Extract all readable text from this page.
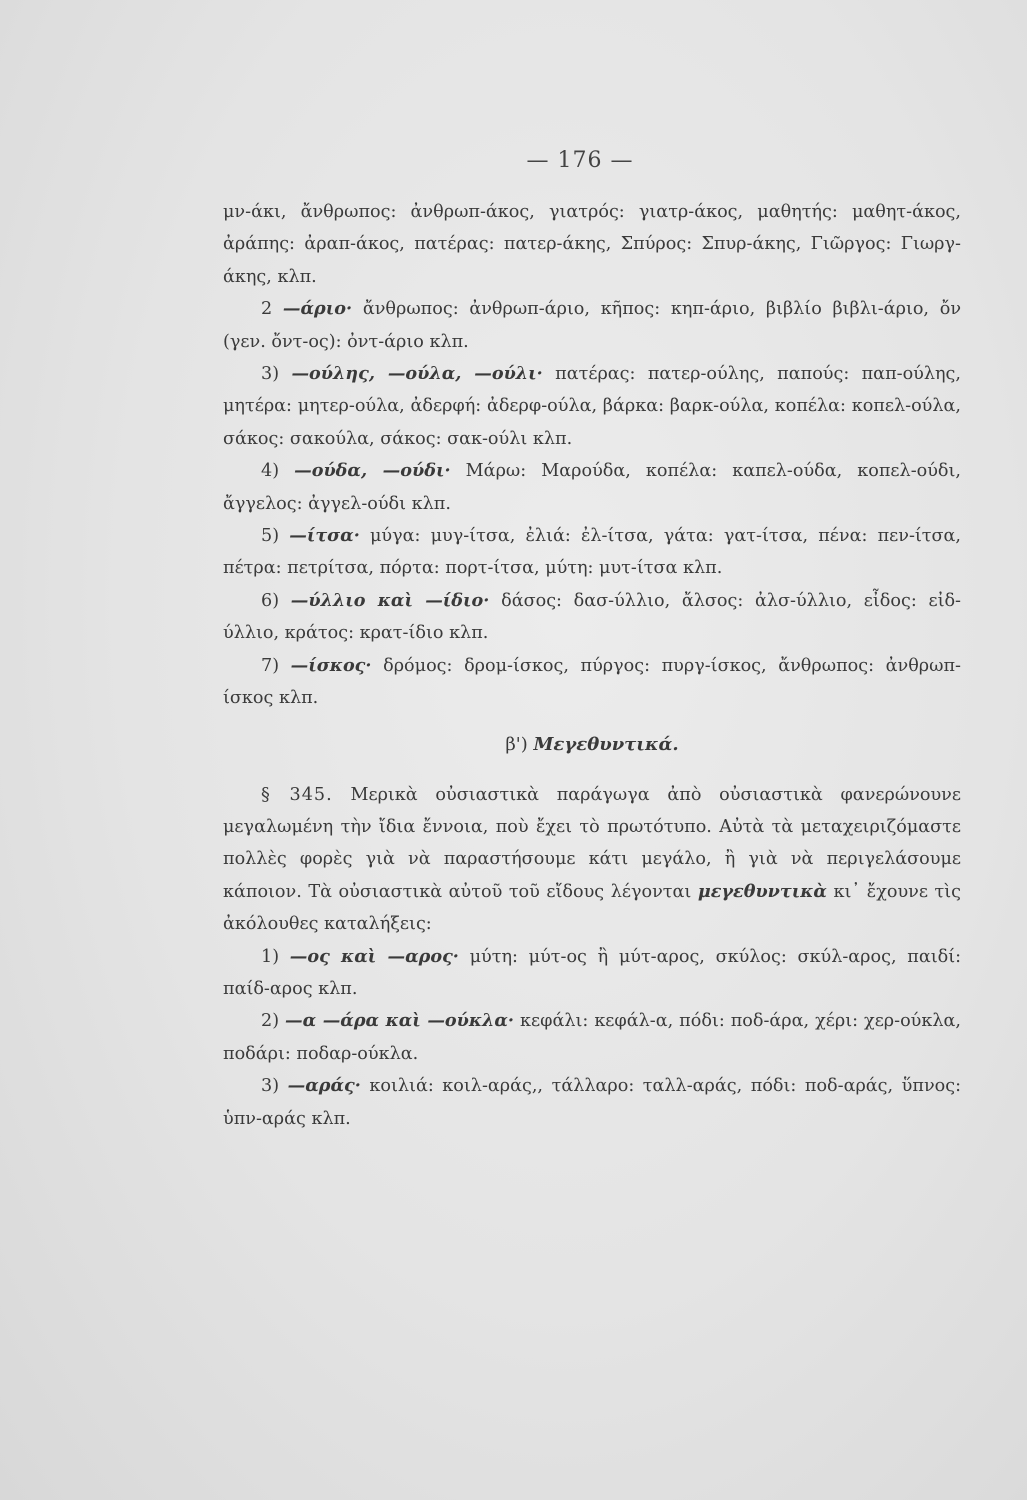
— 176 —

μν-άκι, ἄνθρωπος: ἀνθρωπ-άκος, γιατρός: γιατρ-άκος, μαθητής: μαθητ-άκος, ἀράπης: ἀραπ-άκος, πατέρας: πατερ-άκης, Σπύρος: Σπυρ-άκης, Γιῶργος: Γιωργ-άκης, κλπ.

2 —άριο· ἄνθρωπος: ἀνθρωπ-άριο, κῆπος: κηπ-άριο, βιβλίο βιβλι-άριο, ὄν (γεν. ὄντ-ος): ὀντ-άριο κλπ.

3) —ούλης, —ούλα, —ούλι· πατέρας: πατερ-ούλης, παπούς: παπ-ούλης, μητέρα: μητερ-ούλα, ἀδερφή: ἀδερφ-ούλα, βάρκα: βαρκ-ούλα, κοπέλα: κοπελ-ούλα, σάκος: σακούλα, σάκος: σακ-ούλι κλπ.

4) —ούδα, —ούδι· Μάρω: Μαρούδα, κοπέλα: καπελ-ούδα, κοπελ-ούδι, ἄγγελος: ἀγγελ-ούδι κλπ.

5) —ίτσα· μύγα: μυγ-ίτσα, ἐλιά: ἐλ-ίτσα, γάτα: γατ-ίτσα, πένα: πεν-ίτσα, πέτρα: πετρίτσα, πόρτα: πορτ-ίτσα, μύτη: μυτ-ίτσα κλπ.

6) —ύλλιο καὶ —ίδιο· δάσος: δασ-ύλλιο, ἄλσος: ἀλσ-ύλλιο, εἶδος: εἰδ-ύλλιο, κράτος: κρατ-ίδιο κλπ.

7) —ίσκος· δρόμος: δρομ-ίσκος, πύργος: πυργ-ίσκος, ἄνθρωπος: ἀνθρωπ-ίσκος κλπ.

β') Μεγεθυντικά.

§ 345. Μερικὰ οὐσιαστικὰ παράγωγα ἀπὸ οὐσιαστικὰ φανερώνουνε μεγαλωμένη τὴν ἴδια ἔννοια, ποὺ ἔχει τὸ πρωτότυπο. Αὐτὰ τὰ μεταχειριζόμαστε πολλὲς φορὲς γιὰ νὰ παραστήσουμε κάτι μεγάλο, ἢ γιὰ νὰ περιγελάσουμε κάποιον. Τὰ οὐσιαστικὰ αὐτοῦ τοῦ εἴδους λέγονται μεγεθυντικὰ κι᾽ ἔχουνε τὶς ἀκόλουθες καταλήξεις:

1) —ος καὶ —αρος· μύτη: μύτ-ος ἢ μύτ-αρος, σκύλος: σκύλ-αρος, παιδί: παίδ-αρος κλπ.

2) —α —άρα καὶ —ούκλα· κεφάλι: κεφάλ-α, πόδι: ποδ-άρα, χέρι: χερ-ούκλα, ποδάρι: ποδαρ-ούκλα.

3) —αράς· κοιλιά: κοιλ-αράς,, τάλλαρο: ταλλ-αράς, πόδι: ποδ-αράς, ὕπνος: ὑπν-αράς κλπ.
